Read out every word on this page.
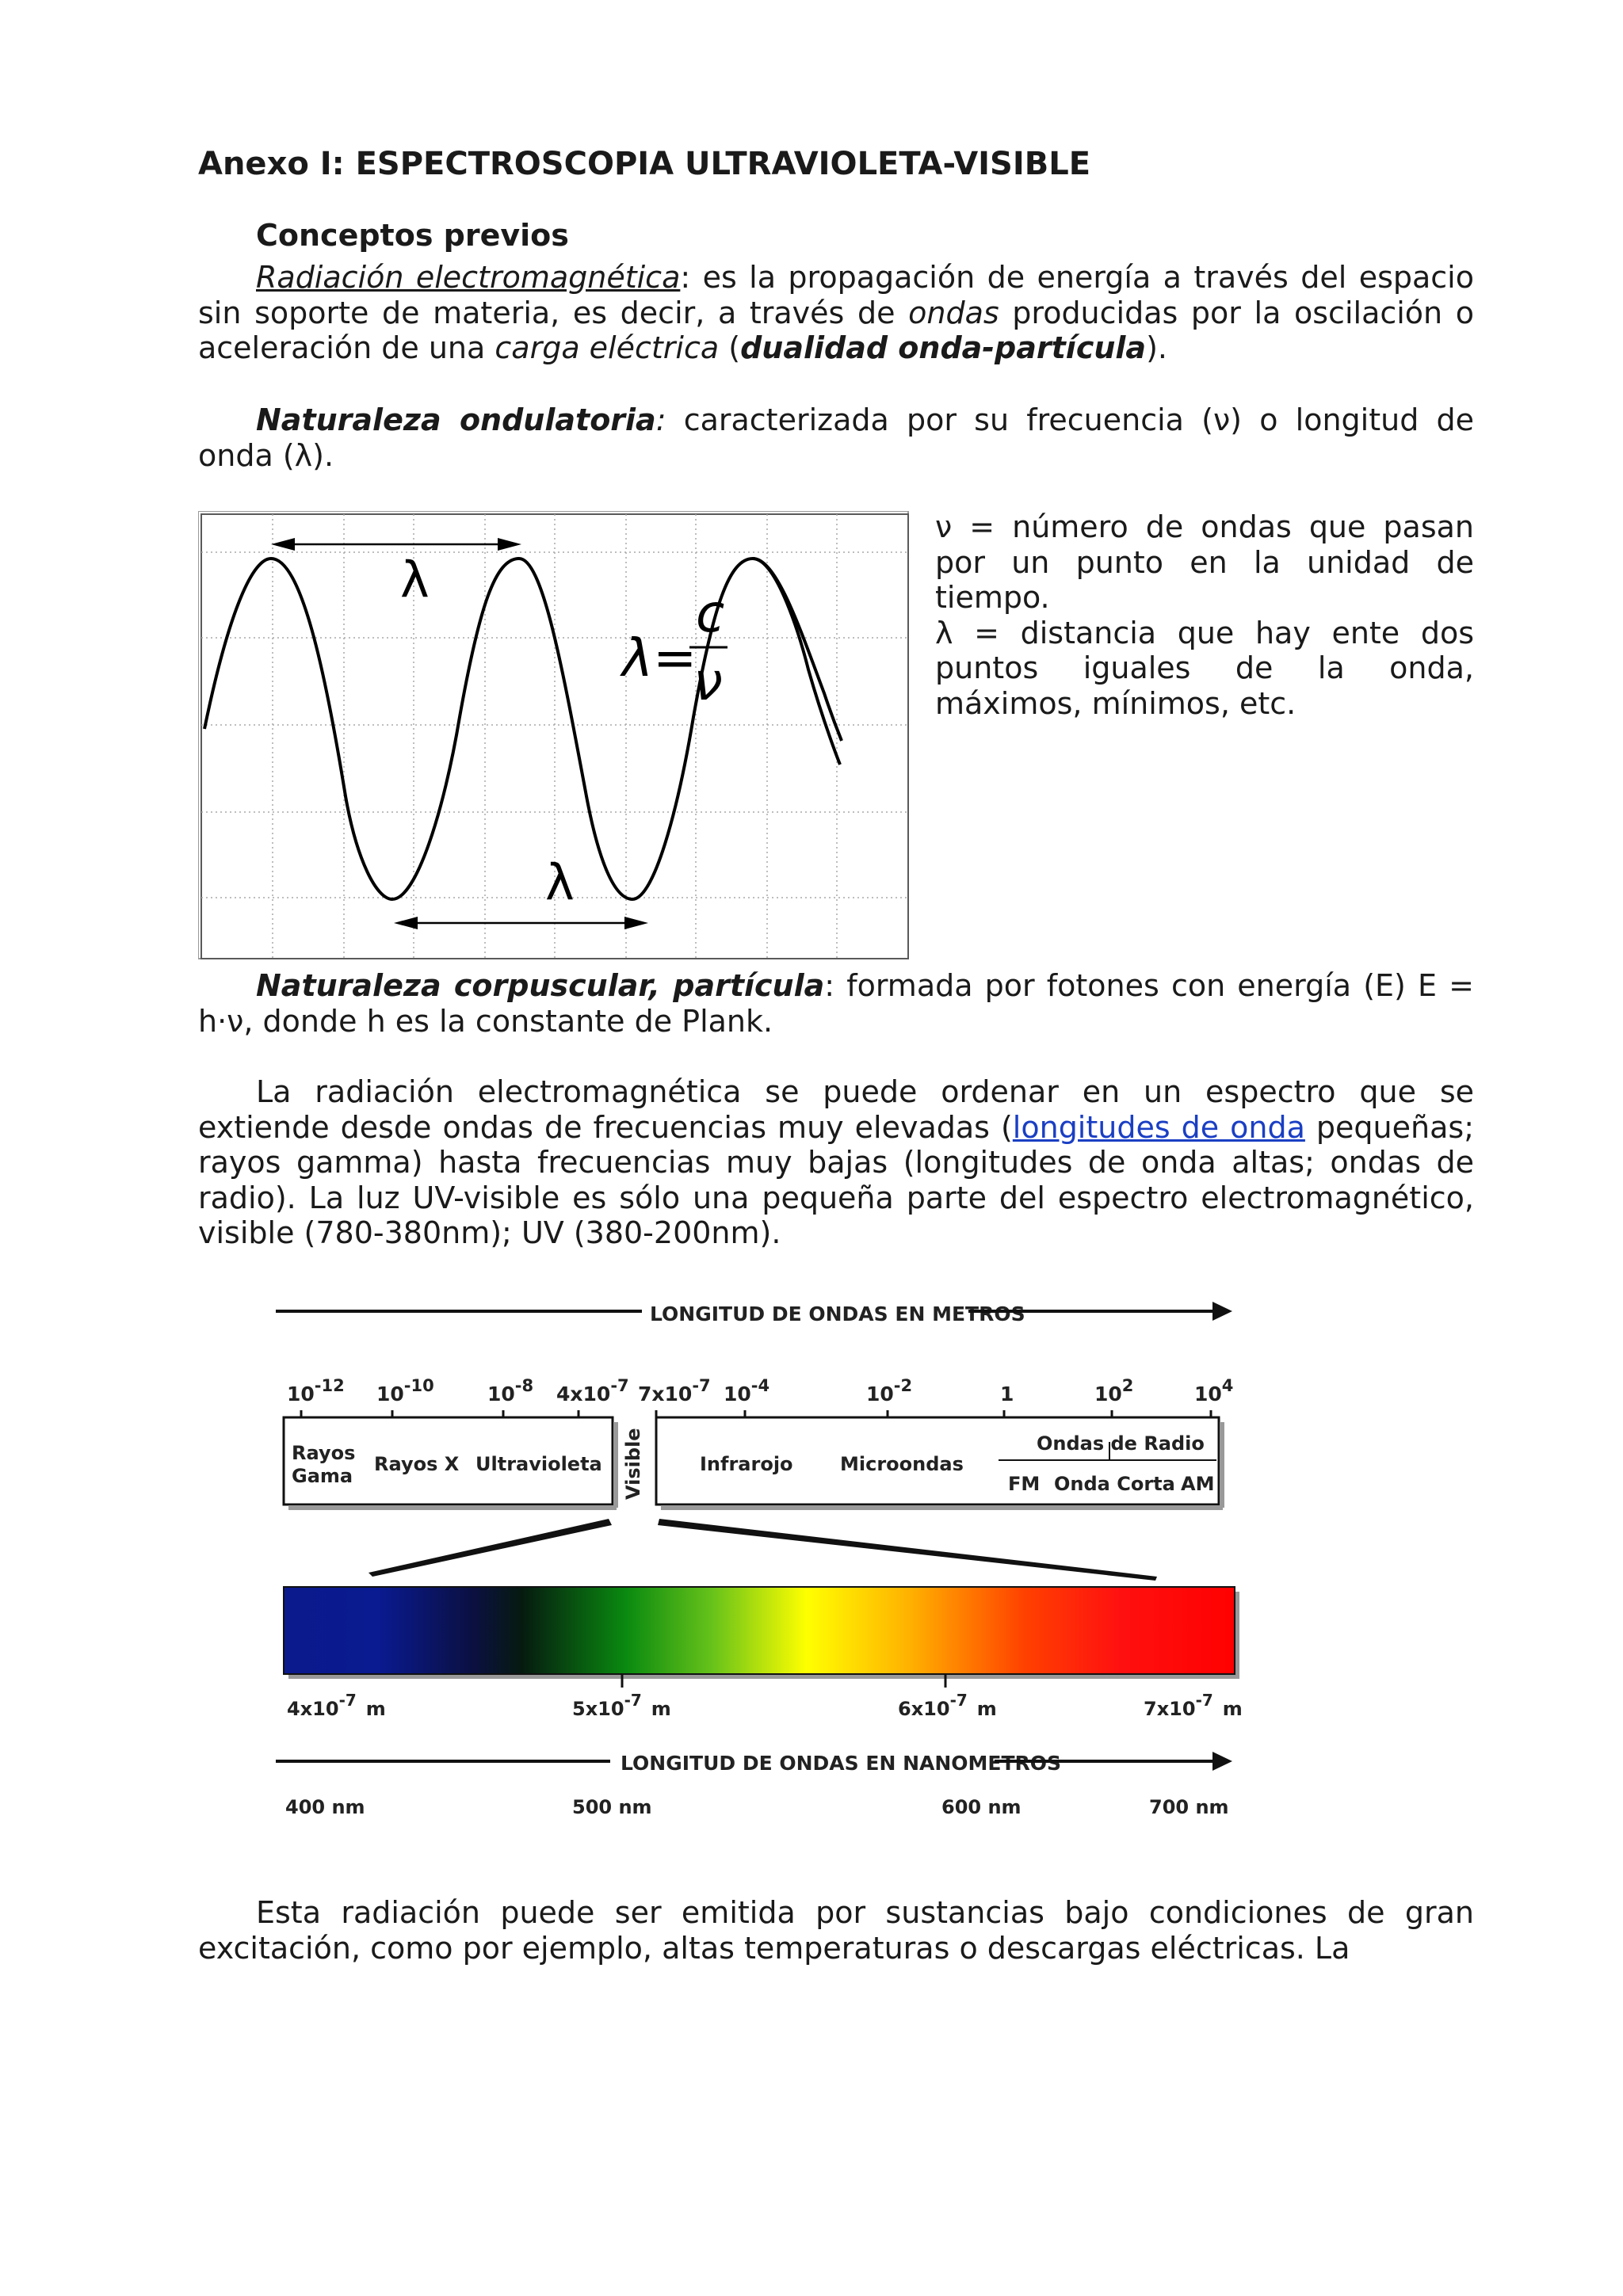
Anexo I: ESPECTROSCOPIA ULTRAVIOLETA-VISIBLE
Conceptos previos

Radiación electromagnética: es la propagación de energía a través del espacio sin soporte de materia, es decir, a través de ondas producidas por la oscilación o aceleración de una carga eléctrica (dualidad onda-partícula).

Naturaleza ondulatoria: caracterizada por su frecuencia (ν) o longitud de onda (λ).

λ
λ
λ=
c
ν
ν = número de ondas que pasan por un punto en la unidad de tiempo.
λ = distancia que hay ente dos puntos iguales de la onda, máximos, mínimos, etc.

Naturaleza corpuscular, partícula: formada por fotones con energía (E) E = h·ν, donde h es la constante de Plank.

La radiación electromagnética se puede ordenar en un espectro que se extiende desde ondas de frecuencias muy elevadas (longitudes de onda pequeñas; rayos gamma) hasta frecuencias muy bajas (longitudes de onda altas; ondas de radio). La luz UV-visible es sólo una pequeña parte del espectro electromagnético, visible (780-380nm); UV (380-200nm).

LONGITUD DE ONDAS EN METROS
$10^{-12}$ $10^{-10}$	$10^{-8}$ $4x10^{-7}$ $7x10^{-7}$ $10^{-4}$	$10^{-2}$	1	$10^2$	$10^4$
Rayos
Gama
Rayos X Ultravioleta Visible	Infrarojo Microondas
Ondas de Radio
FM Onda Corta AM
$4x10^{-7}$ m	$5x10^{-7}$ m	$6x10^{-7}$ m	$7x10^{-7}$ m
LONGITUD DE ONDAS EN NANOMETROS
400 nm	500 nm	600 nm	700 nm

Esta radiación puede ser emitida por sustancias bajo condiciones de gran excitación, como por ejemplo, altas temperaturas o descargas eléctricas. La
